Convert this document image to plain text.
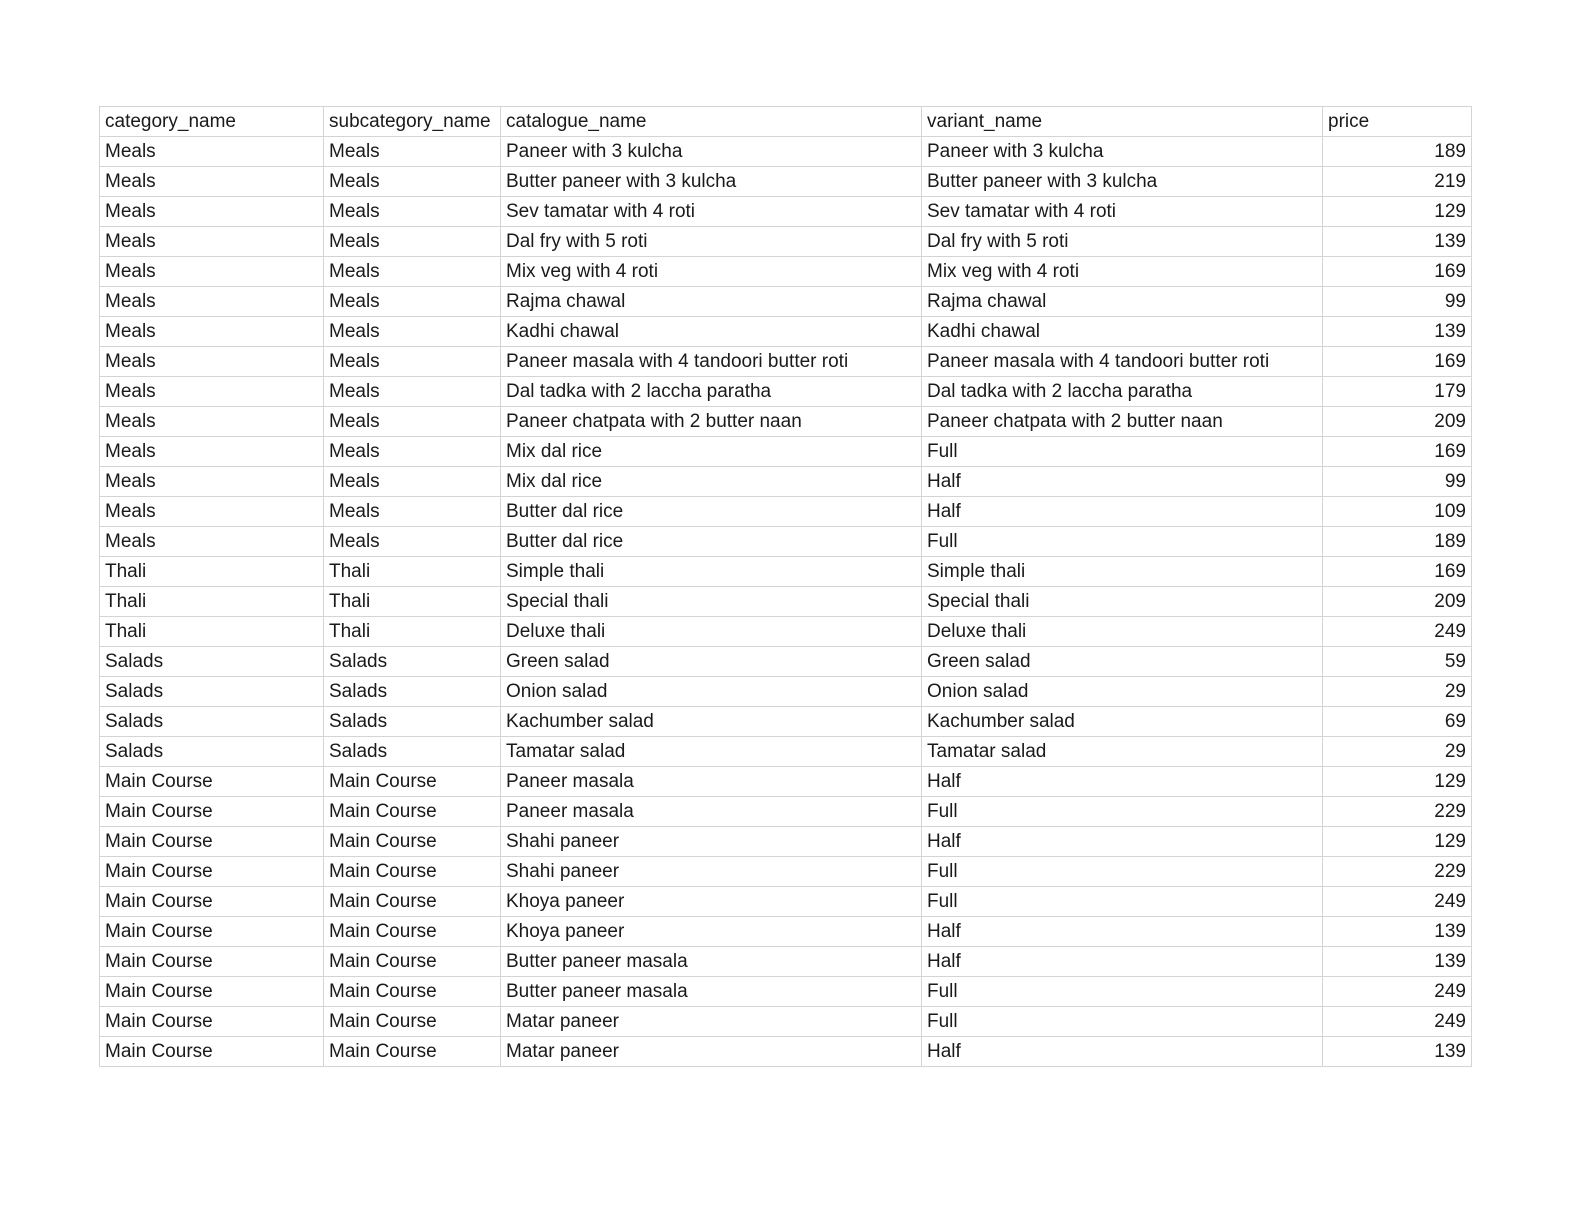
category_name	subcategory_name	catalogue_name	variant_name	price
Meals	Meals	Paneer with 3 kulcha	Paneer with 3 kulcha	189
Meals	Meals	Butter paneer with 3 kulcha	Butter paneer with 3 kulcha	219
Meals	Meals	Sev tamatar with 4 roti	Sev tamatar with 4 roti	129
Meals	Meals	Dal fry with 5 roti	Dal fry with 5 roti	139
Meals	Meals	Mix veg with 4 roti	Mix veg with 4 roti	169
Meals	Meals	Rajma chawal	Rajma chawal	99
Meals	Meals	Kadhi chawal	Kadhi chawal	139
Meals	Meals	Paneer masala with 4 tandoori butter roti	Paneer masala with 4 tandoori butter roti	169
Meals	Meals	Dal tadka with 2 laccha paratha	Dal tadka with 2 laccha paratha	179
Meals	Meals	Paneer chatpata with 2 butter naan	Paneer chatpata with 2 butter naan	209
Meals	Meals	Mix dal rice	Full	169
Meals	Meals	Mix dal rice	Half	99
Meals	Meals	Butter dal rice	Half	109
Meals	Meals	Butter dal rice	Full	189
Thali	Thali	Simple thali	Simple thali	169
Thali	Thali	Special thali	Special thali	209
Thali	Thali	Deluxe thali	Deluxe thali	249
Salads	Salads	Green salad	Green salad	59
Salads	Salads	Onion salad	Onion salad	29
Salads	Salads	Kachumber salad	Kachumber salad	69
Salads	Salads	Tamatar salad	Tamatar salad	29
Main Course	Main Course	Paneer masala	Half	129
Main Course	Main Course	Paneer masala	Full	229
Main Course	Main Course	Shahi paneer	Half	129
Main Course	Main Course	Shahi paneer	Full	229
Main Course	Main Course	Khoya paneer	Full	249
Main Course	Main Course	Khoya paneer	Half	139
Main Course	Main Course	Butter paneer masala	Half	139
Main Course	Main Course	Butter paneer masala	Full	249
Main Course	Main Course	Matar paneer	Full	249
Main Course	Main Course	Matar paneer	Half	139
